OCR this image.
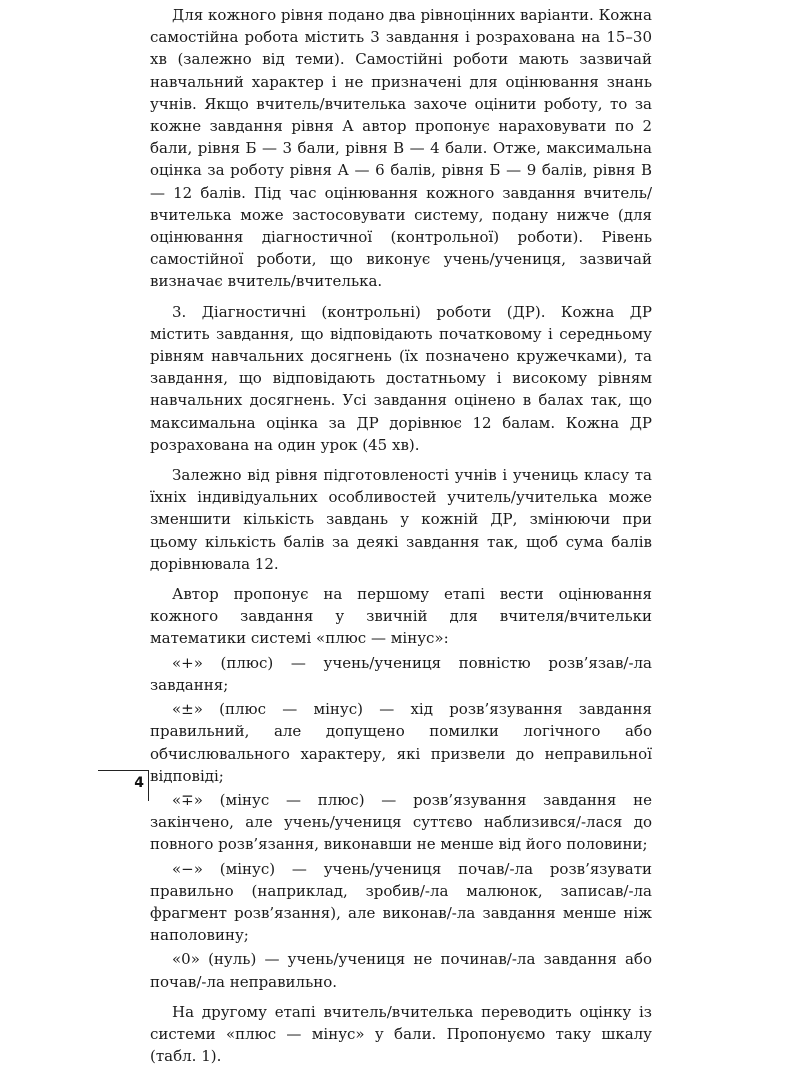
Для кожного рівня подано два рівноцінних варіанти. Кожна самостійна робота містить 3 завдання і розрахована на 15–30 хв (залежно від теми). Самостійні роботи мають зазвичай навчальний характер і не призначені для оцінювання знань учнів. Якщо вчитель/вчителька захоче оцінити роботу, то за кожне завдання рівня А автор пропонує нараховувати по 2 бали, рівня Б — 3 бали, рівня В — 4 бали. Отже, максимальна оцінка за роботу рівня А — 6 балів, рівня Б — 9 балів, рівня В — 12 балів. Під час оцінювання кожного завдання вчитель/вчителька може застосовувати систему, подану нижче (для оцінювання діагностичної (контрольної) роботи). Рівень самостійної роботи, що виконує учень/учениця, зазвичай визначає вчитель/вчителька.

3. Діагностичні (контрольні) роботи (ДР). Кожна ДР містить завдання, що відповідають початковому і середньому рівням навчальних досягнень (їх позначено кружечками), та завдання, що відповідають достатньому і високому рівням навчальних досягнень. Усі завдання оцінено в балах так, що максимальна оцінка за ДР дорівнює 12 балам. Кожна ДР розрахована на один урок (45 хв).

Залежно від рівня підготовленості учнів і учениць класу та їхніх індивідуальних особливостей учитель/учителька може зменшити кількість завдань у кожній ДР, змінюючи при цьому кількість балів за деякі завдання так, щоб сума балів дорівнювала 12.

Автор пропонує на першому етапі вести оцінювання кожного завдання у звичній для вчителя/вчительки математики системі «плюс — мінус»:

«+» (плюс) — учень/учениця повністю розв’язав/-ла завдання;

«±» (плюс — мінус) — хід розв’язування завдання правильний, але допущено помилки логічного або обчислювального характеру, які призвели до неправильної відповіді;

«∓» (мінус — плюс) — розв’язування завдання не закінчено, але учень/учениця суттєво наблизився/-лася до повного розв’язання, виконавши не менше від його половини;

«−» (мінус) — учень/учениця почав/-ла розв’язувати правильно (наприклад, зробив/-ла малюнок, записав/-ла фрагмент розв’язання), але виконав/-ла завдання менше ніж наполовину;

«0» (нуль) — учень/учениця не починав/-ла завдання або почав/-ла неправильно.

На другому етапі вчитель/вчителька переводить оцінку із системи «плюс — мінус» у бали. Пропонуємо таку шкалу (табл. 1).

4
